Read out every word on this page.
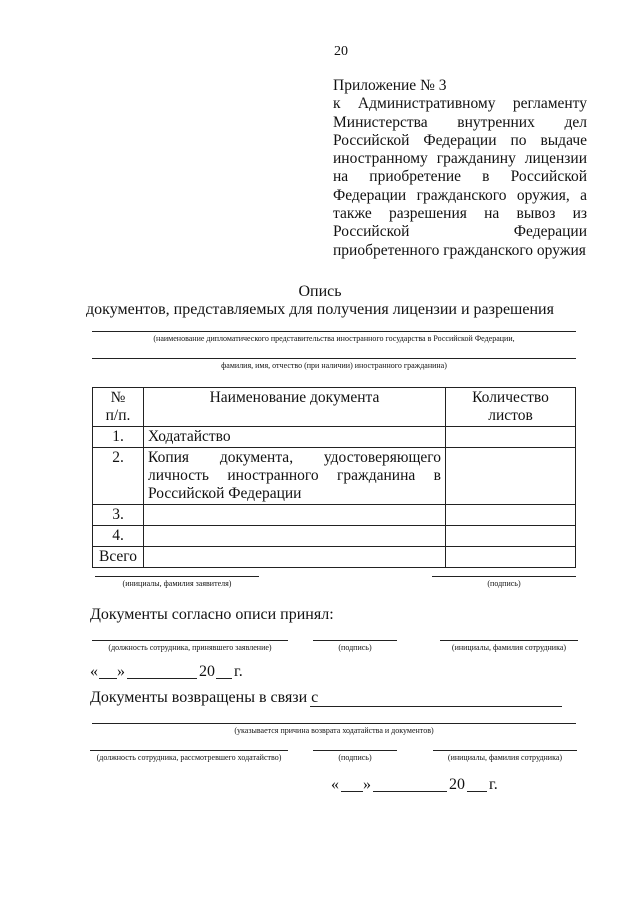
20
Приложение № 3
к Административному регламенту
Министерства внутренних дел
Российской Федерации по выдаче
иностранному гражданину лицензии
на приобретение в Российской
Федерации гражданского оружия, а
также разрешения на вывоз из
Российской Федерации
приобретенного гражданского оружия
Опись
документов, представляемых для получения лицензии и разрешения
(наименование дипломатического представительства иностранного государства в Российской Федерации,
фамилия, имя, отчество (при наличии) иностранного гражданина)
№
п/п.	Наименование документа	Количество листов
1.	Ходатайство	
2.	Копия документа, удостоверяющего
личность иностранного гражданина в
Российской Федерации	

3.		
4.		
Всего		
(инициалы, фамилия заявителя)	(подпись)
Документы согласно описи принял:
(должность сотрудника, принявшего заявление)	(подпись)	(инициалы, фамилия сотрудника)
« »	20 г.
Документы возвращены в связи с
(указывается причина возврата ходатайства и документов)
(должность сотрудника, рассмотревшего ходатайство)	(подпись)	(инициалы, фамилия сотрудника)
« »	20 г.
